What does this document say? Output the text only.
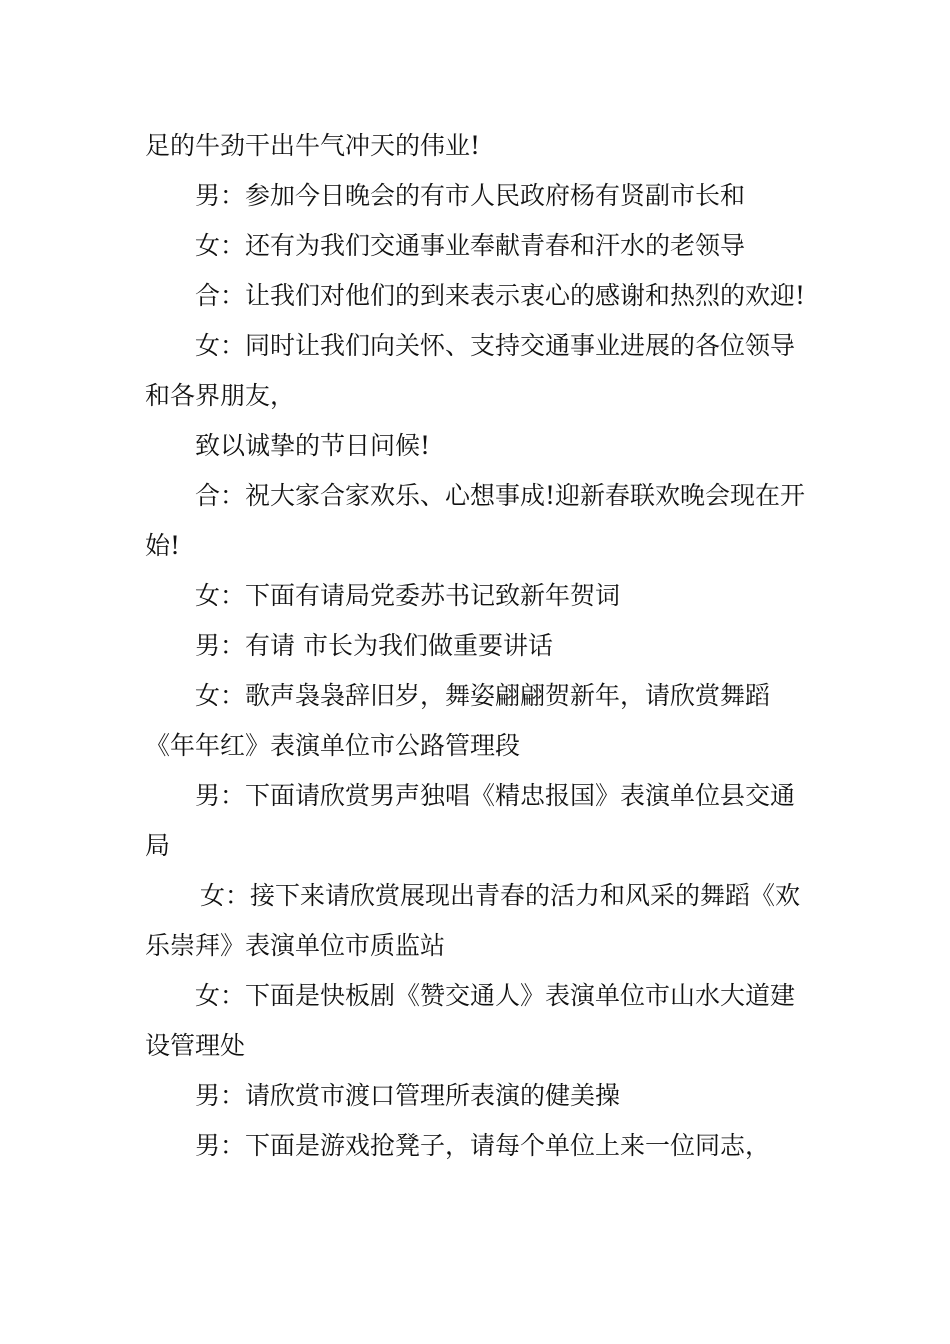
足的牛劲干出牛气冲天的伟业!

男：参加今日晚会的有市人民政府杨有贤副市长和

女：还有为我们交通事业奉献青春和汗水的老领导

合：让我们对他们的到来表示衷心的感谢和热烈的欢迎!

女：同时让我们向关怀、支持交通事业进展的各位领导和各界朋友，

致以诚挚的节日问候!

合：祝大家合家欢乐、心想事成!迎新春联欢晚会现在开始!

女：下面有请局党委苏书记致新年贺词

男：有请 市长为我们做重要讲话

女：歌声袅袅辞旧岁，舞姿翩翩贺新年，请欣赏舞蹈《年年红》表演单位市公路管理段

男：下面请欣赏男声独唱《精忠报国》表演单位县交通局

女：接下来请欣赏展现出青春的活力和风采的舞蹈《欢乐崇拜》表演单位市质监站

女：下面是快板剧《赞交通人》表演单位市山水大道建设管理处

男：请欣赏市渡口管理所表演的健美操

男：下面是游戏抢凳子，请每个单位上来一位同志，
